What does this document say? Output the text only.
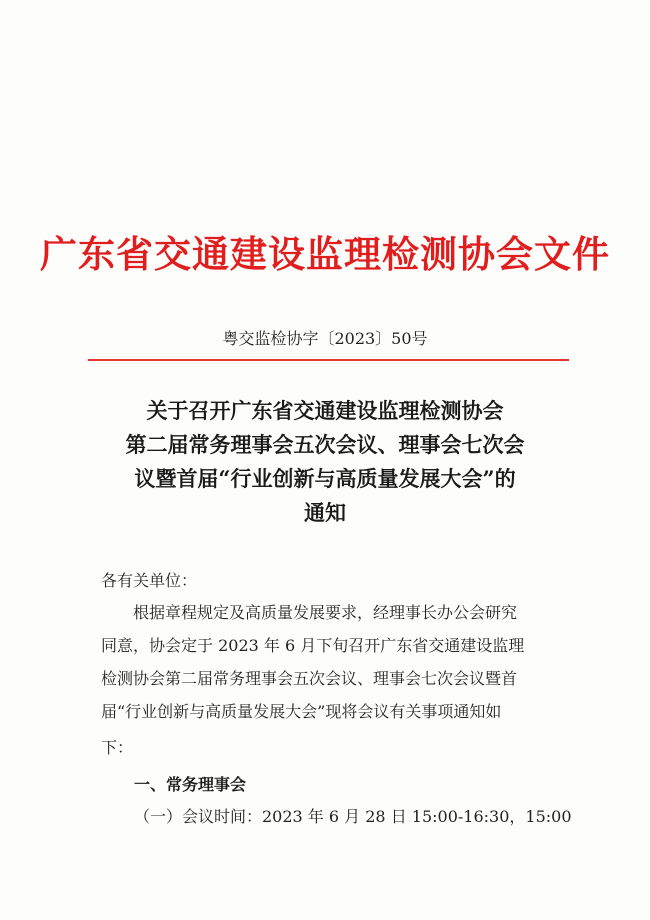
广东省交通建设监理检测协会文件
粤交监检协字〔2023〕50号
关于召开广东省交通建设监理检测协会
第二届常务理事会五次会议、理事会七次会
议暨首届“行业创新与高质量发展大会”的
通知
各有关单位：
　　根据章程规定及高质量发展要求，经理事长办公会研究
同意，协会定于 2023 年 6 月下旬召开广东省交通建设监理
检测协会第二届常务理事会五次会议、理事会七次会议暨首
届“行业创新与高质量发展大会”现将会议有关事项通知如
下：
一、常务理事会
（一）会议时间：2023 年 6 月 28 日 15:00-16:30，15:00
